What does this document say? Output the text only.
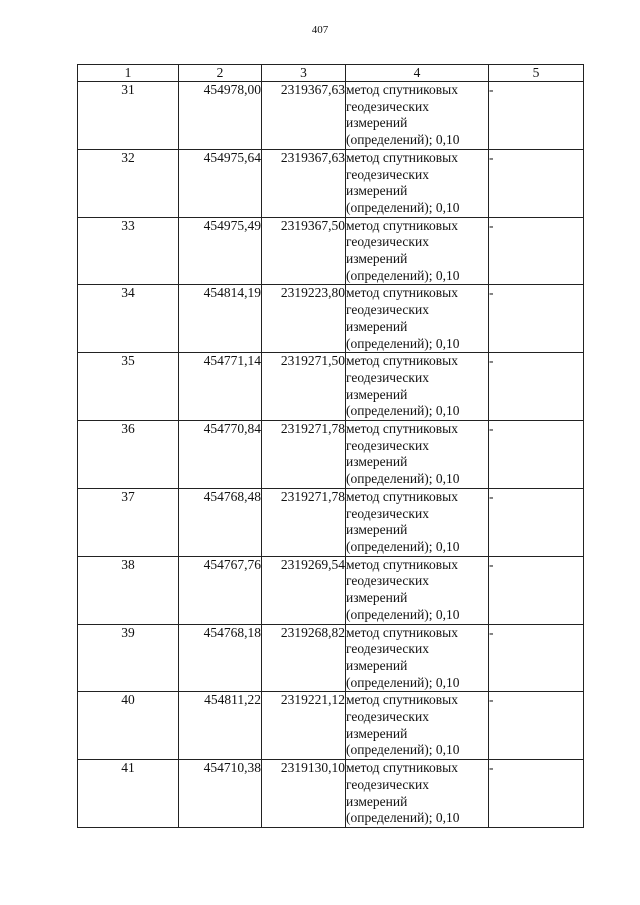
407
1	2	3	4	5
31	454978,00	2319367,63	метод спутниковых
геодезических
измерений
(определений); 0,10	-
32	454975,64	2319367,63	метод спутниковых
геодезических
измерений
(определений); 0,10	-
33	454975,49	2319367,50	метод спутниковых
геодезических
измерений
(определений); 0,10	-
34	454814,19	2319223,80	метод спутниковых
геодезических
измерений
(определений); 0,10	-
35	454771,14	2319271,50	метод спутниковых
геодезических
измерений
(определений); 0,10	-
36	454770,84	2319271,78	метод спутниковых
геодезических
измерений
(определений); 0,10	-
37	454768,48	2319271,78	метод спутниковых
геодезических
измерений
(определений); 0,10	-
38	454767,76	2319269,54	метод спутниковых
геодезических
измерений
(определений); 0,10	-
39	454768,18	2319268,82	метод спутниковых
геодезических
измерений
(определений); 0,10	-
40	454811,22	2319221,12	метод спутниковых
геодезических
измерений
(определений); 0,10	-
41	454710,38	2319130,10	метод спутниковых
геодезических
измерений
(определений); 0,10	-
